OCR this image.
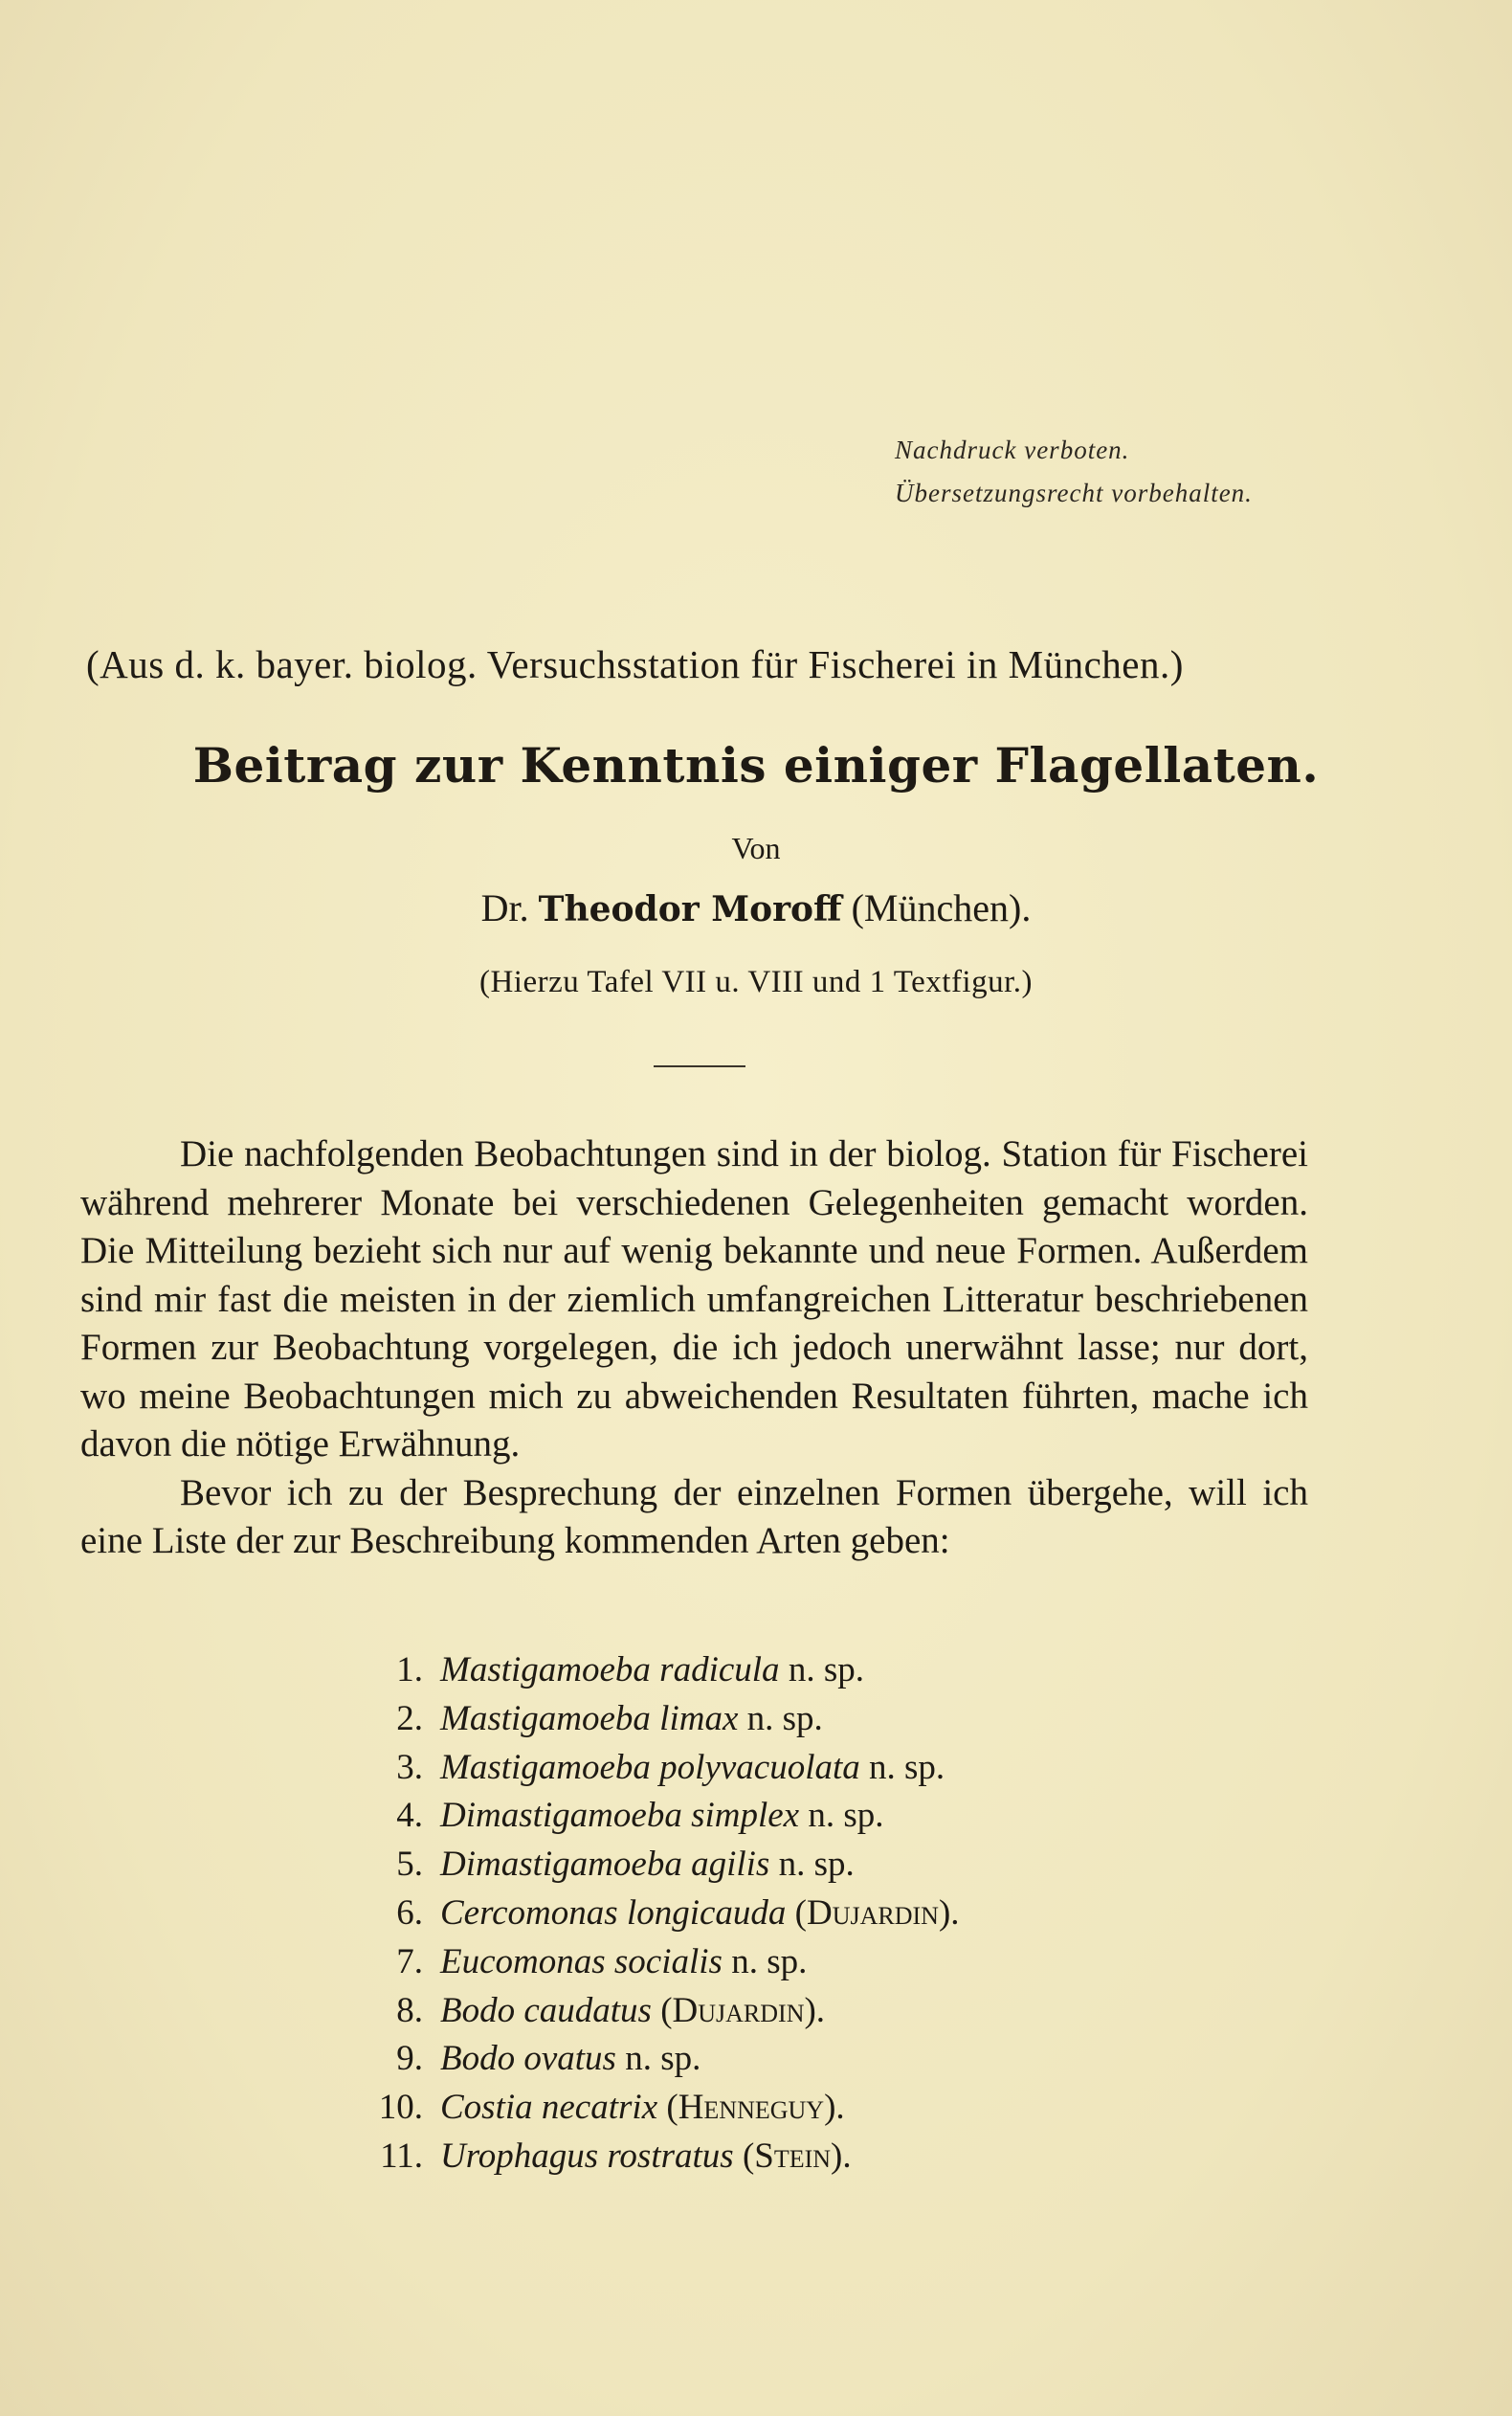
Nachdruck verboten.
Übersetzungsrecht vorbehalten.
(Aus d. k. bayer. biolog. Versuchsstation für Fischerei in München.)
Beitrag zur Kenntnis einiger Flagellaten.
Von
Dr. Theodor Moroff (München).
(Hierzu Tafel VII u. VIII und 1 Textfigur.)

Die nachfolgenden Beobachtungen sind in der biolog. Station für Fischerei während mehrerer Monate bei verschiedenen Gelegenheiten gemacht worden. Die Mitteilung bezieht sich nur auf wenig bekannte und neue Formen. Außerdem sind mir fast die meisten in der ziemlich umfangreichen Litteratur beschriebenen Formen zur Beobachtung vorgelegen, die ich jedoch unerwähnt lasse; nur dort, wo meine Beobachtungen mich zu abweichenden Resultaten führten, mache ich davon die nötige Erwähnung.

Bevor ich zu der Besprechung der einzelnen Formen übergehe, will ich eine Liste der zur Beschreibung kommenden Arten geben:

1. Mastigamoeba radicula n. sp.
2. Mastigamoeba limax n. sp.
3. Mastigamoeba polyvacuolata n. sp.
4. Dimastigamoeba simplex n. sp.
5. Dimastigamoeba agilis n. sp.
6. Cercomonas longicauda (Dujardin).
7. Eucomonas socialis n. sp.
8. Bodo caudatus (Dujardin).
9. Bodo ovatus n. sp.
10. Costia necatrix (Henneguy).
11. Urophagus rostratus (Stein).
